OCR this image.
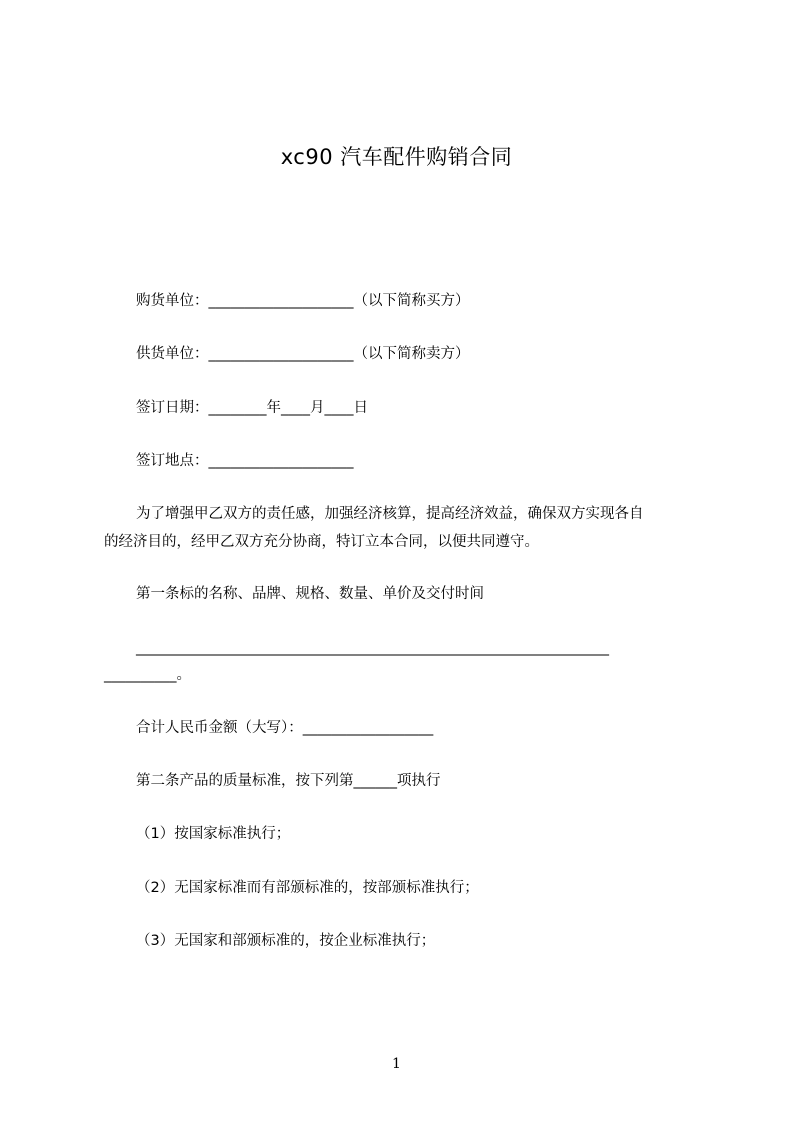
xc90 汽车配件购销合同
购货单位：____________________（以下简称买方）
供货单位：____________________（以下简称卖方）
签订日期：________年____月____日
签订地点：____________________
为了增强甲乙双方的责任感，加强经济核算，提高经济效益，确保双方实现各自
的经济目的，经甲乙双方充分协商，特订立本合同，以便共同遵守。
第一条标的名称、品牌、规格、数量、单价及交付时间
______________________________________________________________________
__________。
合计人民币金额（大写）：__________________
第二条产品的质量标准，按下列第______项执行
（1）按国家标准执行；
（2）无国家标准而有部颁标准的，按部颁标准执行；
（3）无国家和部颁标准的，按企业标准执行；
1
